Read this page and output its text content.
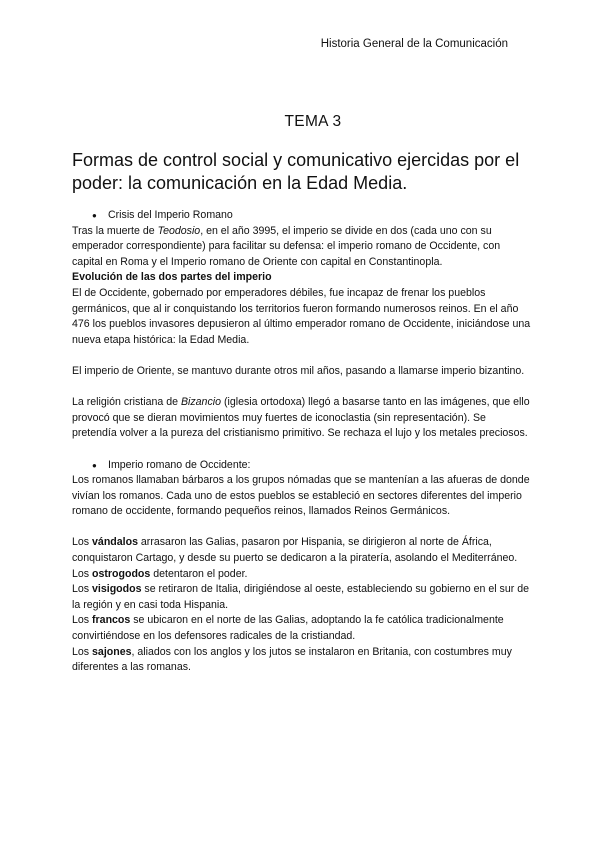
Historia General de la Comunicación
TEMA 3
Formas de control social y comunicativo ejercidas por el poder: la comunicación en la Edad Media.
●	Crisis del Imperio Romano

Tras la muerte de Teodosio, en el año 3995, el imperio se divide en dos (cada uno con su emperador correspondiente) para facilitar su defensa: el imperio romano de Occidente, con capital en Roma y el Imperio romano de Oriente con capital en Constantinopla.

Evolución de las dos partes del imperio

El de Occidente, gobernado por emperadores débiles, fue incapaz de frenar los pueblos germánicos, que al ir conquistando los territorios fueron formando numerosos reinos. En el año 476 los pueblos invasores depusieron al último emperador romano de Occidente, iniciándose una nueva etapa histórica: la Edad Media.

El imperio de Oriente, se mantuvo durante otros mil años, pasando a llamarse imperio bizantino.

La religión cristiana de Bizancio (iglesia ortodoxa) llegó a basarse tanto en las imágenes, que ello provocó que se dieran movimientos muy fuertes de iconoclastia (sin representación). Se pretendía volver a la pureza del cristianismo primitivo. Se rechaza el lujo y los metales preciosos.

●	Imperio romano de Occidente:

Los romanos llamaban bárbaros a los grupos nómadas que se mantenían a las afueras de donde vivían los romanos. Cada uno de estos pueblos se estableció en sectores diferentes del imperio romano de occidente, formando pequeños reinos, llamados Reinos Germánicos.

Los vándalos arrasaron las Galias, pasaron por Hispania, se dirigieron al norte de África, conquistaron Cartago, y desde su puerto se dedicaron a la piratería, asolando el Mediterráneo.

Los ostrogodos detentaron el poder.

Los visigodos se retiraron de Italia, dirigiéndose al oeste, estableciendo su gobierno en el sur de la región y en casi toda Hispania.

Los francos se ubicaron en el norte de las Galias, adoptando la fe católica tradicionalmente convirtiéndose en los defensores radicales de la cristiandad.

Los sajones, aliados con los anglos y los jutos se instalaron en Britania, con costumbres muy diferentes a las romanas.
